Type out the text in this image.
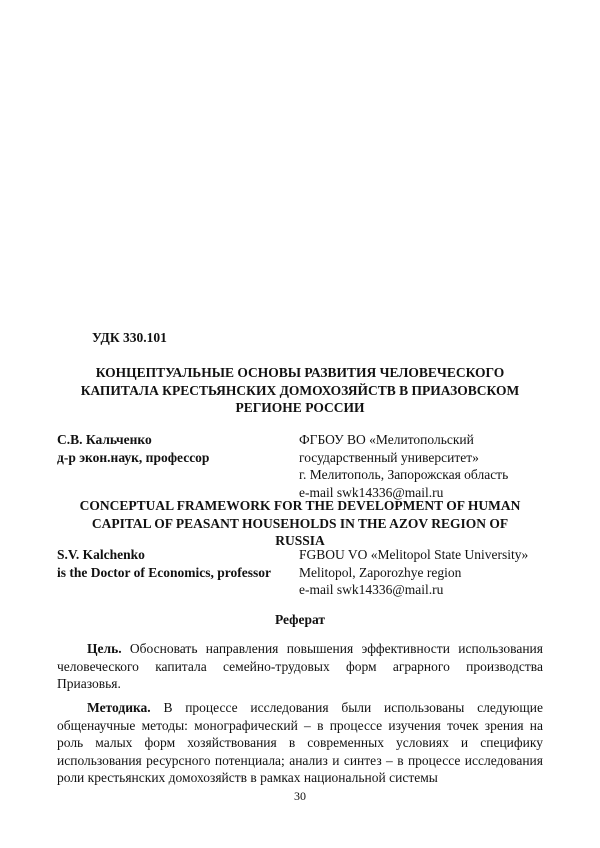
УДК 330.101

КОНЦЕПТУАЛЬНЫЕ ОСНОВЫ РАЗВИТИЯ ЧЕЛОВЕЧЕСКОГО
КАПИТАЛА КРЕСТЬЯНСКИХ ДОМОХОЗЯЙСТВ В ПРИАЗОВСКОМ
РЕГИОНЕ РОССИИ
С.В. Кальченко
д-р экон.наук, профессор
ФГБОУ ВО «Мелитопольский
государственный университет»
г. Мелитополь, Запорожская область
e-mail swk14336@mail.ru
CONCEPTUAL FRAMEWORK FOR THE DEVELOPMENT OF HUMAN
CAPITAL OF PEASANT HOUSEHOLDS IN THE AZOV REGION OF
RUSSIA
S.V. Kalchenko
is the Doctor of Economics, professor
FGBOU VO «Melitopol State University»
Melitopol, Zaporozhye region
e-mail swk14336@mail.ru
Реферат

Цель. Обосновать направления повышения эффективности использования человеческого капитала семейно-трудовых форм аграрного производства Приазовья.

Методика. В процессе исследования были использованы следующие общенаучные методы: монографический – в процессе изучения точек зрения на роль малых форм хозяйствования в современных условиях и специфику использования ресурсного потенциала; анализ и синтез – в процессе исследования роли крестьянских домохозяйств в рамках национальной системы

30
